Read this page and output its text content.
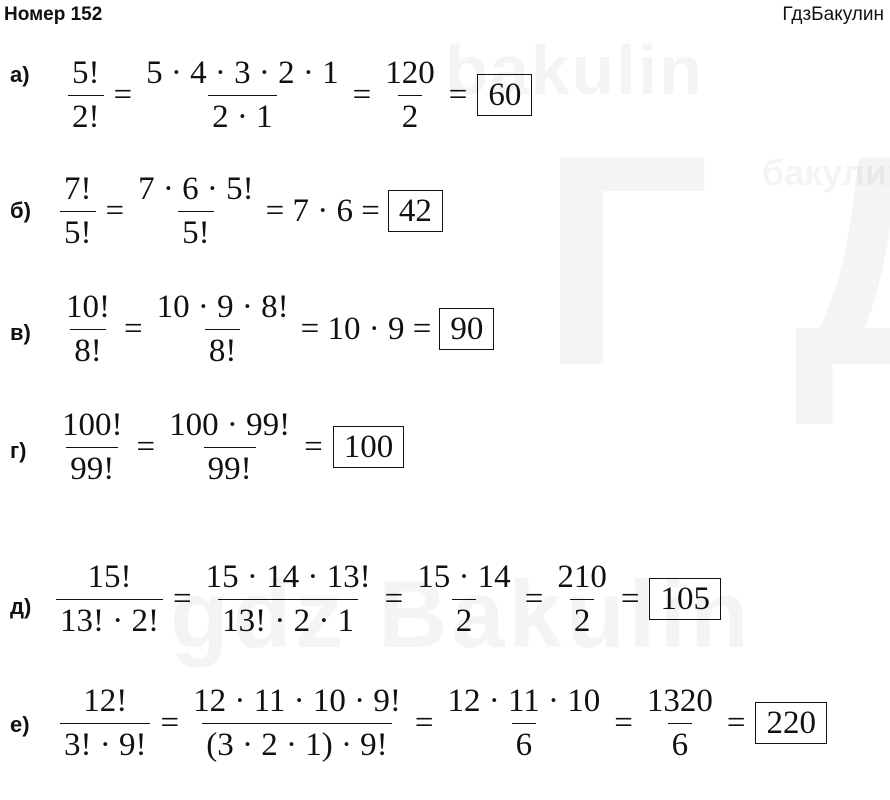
Номер 152	ГдзБакулин
$а) \frac{5!}{2!} = \frac{5 \cdot 4 \cdot 3 \cdot 2 \cdot 1}{2 \cdot 1} = \frac{120}{2} = 60$
$б) \frac{7!}{5!} = \frac{7 \cdot 6 \cdot 5!}{5!} = 7 \cdot 6 = 42$
$в) \frac{10!}{8!} = \frac{10 \cdot 9 \cdot 8!}{8!} = 10 \cdot 9 = 90$
$г) \frac{100!}{99!} = \frac{100 \cdot 99!}{99!} = 100$
$д) \frac{15!}{13! \cdot 2!} = \frac{15 \cdot 14 \cdot 13!}{13! \cdot 2 \cdot 1} = \frac{15 \cdot 14}{2} = \frac{210}{2} = 105$
$е) \frac{12!}{3! \cdot 9!} = \frac{12 \cdot 11 \cdot 10 \cdot 9!}{(3 \cdot 2 \cdot 1) \cdot 9!} = \frac{12 \cdot 11 \cdot 10}{6} = \frac{1320}{6} = 220$
